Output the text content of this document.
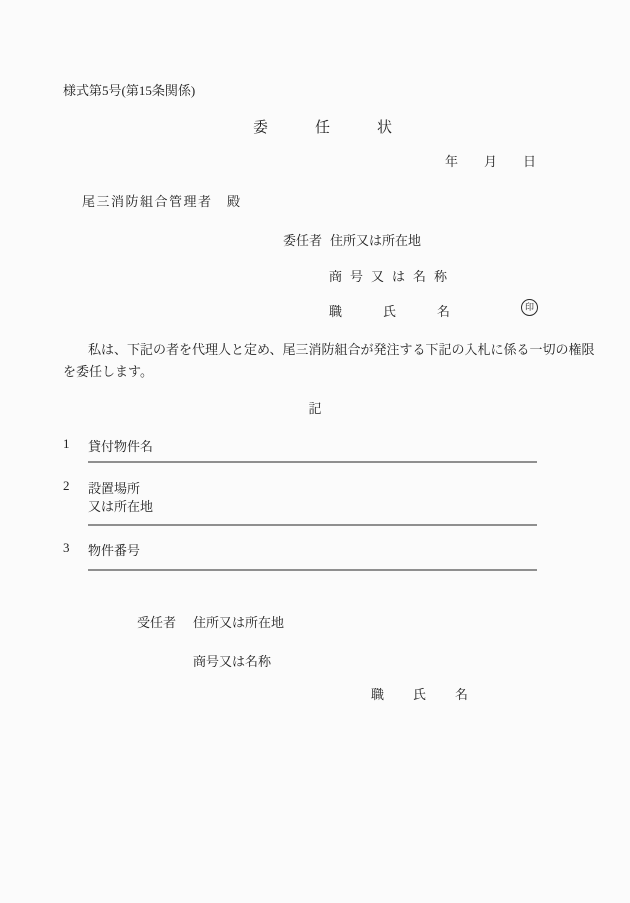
様式第5号(第15条関係)
委任状
年月日
尾三消防組合管理者　殿
委任者 住所又は所在地
商号又は名称
職氏名	印
私は、下記の者を代理人と定め、尾三消防組合が発注する下記の入札に係る一切の権限
を委任します。
記
1 貸付物件名
2 設置場所
又は所在地
3 物件番号
受任者 住所又は所在地
商号又は名称
職氏名
